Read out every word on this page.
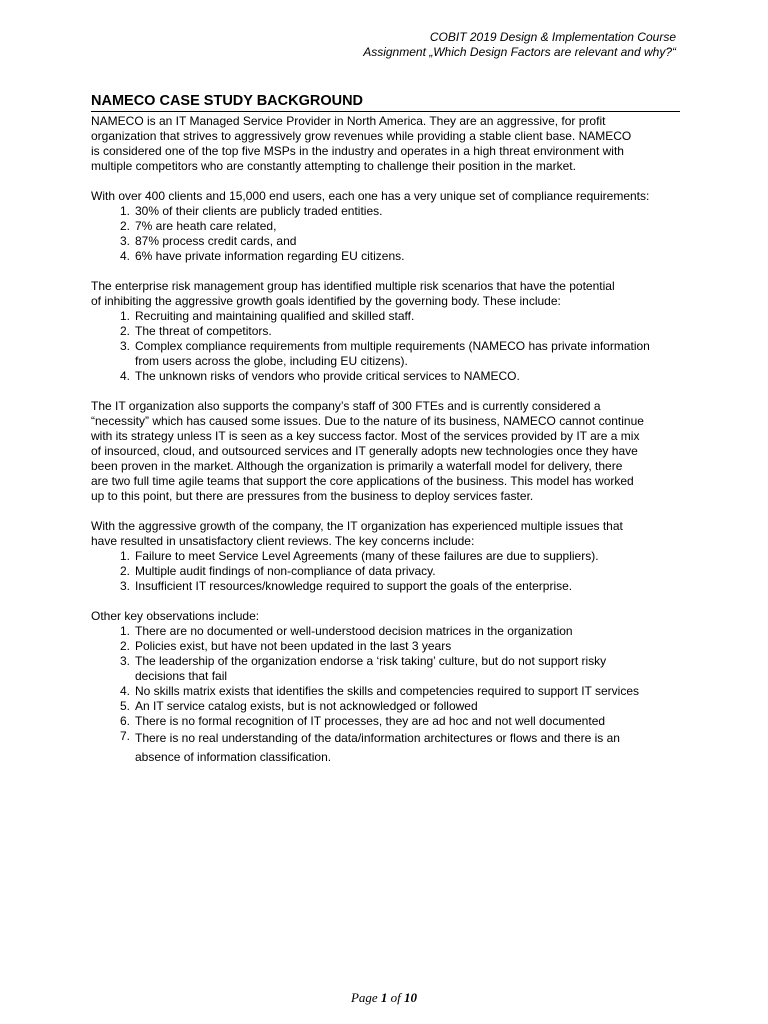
COBIT 2019 Design & Implementation Course
Assignment „Which Design Factors are relevant and why?“
NAMECO CASE STUDY BACKGROUND

NAMECO is an IT Managed Service Provider in North America. They are an aggressive, for profit

organization that strives to aggressively grow revenues while providing a stable client base. NAMECO

is considered one of the top five MSPs in the industry and operates in a high threat environment with

multiple competitors who are constantly attempting to challenge their position in the market.

With over 400 clients and 15,000 end users, each one has a very unique set of compliance requirements:

1. 30% of their clients are publicly traded entities.
2. 7% are heath care related,
3. 87% process credit cards, and
4. 6% have private information regarding EU citizens.

The enterprise risk management group has identified multiple risk scenarios that have the potential

of inhibiting the aggressive growth goals identified by the governing body. These include:

1. Recruiting and maintaining qualified and skilled staff.
2. The threat of competitors.
3. Complex compliance requirements from multiple requirements (NAMECO has private information
from users across the globe, including EU citizens).
4. The unknown risks of vendors who provide critical services to NAMECO.

The IT organization also supports the company’s staff of 300 FTEs and is currently considered a

“necessity” which has caused some issues. Due to the nature of its business, NAMECO cannot continue

with its strategy unless IT is seen as a key success factor. Most of the services provided by IT are a mix

of insourced, cloud, and outsourced services and IT generally adopts new technologies once they have

been proven in the market. Although the organization is primarily a waterfall model for delivery, there

are two full time agile teams that support the core applications of the business. This model has worked

up to this point, but there are pressures from the business to deploy services faster.

With the aggressive growth of the company, the IT organization has experienced multiple issues that

have resulted in unsatisfactory client reviews. The key concerns include:

1. Failure to meet Service Level Agreements (many of these failures are due to suppliers).
2. Multiple audit findings of non-compliance of data privacy.
3. Insufficient IT resources/knowledge required to support the goals of the enterprise.

Other key observations include:

1. There are no documented or well-understood decision matrices in the organization
2. Policies exist, but have not been updated in the last 3 years
3. The leadership of the organization endorse a ‘risk taking’ culture, but do not support risky
decisions that fail
4. No skills matrix exists that identifies the skills and competencies required to support IT services
5. An IT service catalog exists, but is not acknowledged or followed
6. There is no formal recognition of IT processes, they are ad hoc and not well documented
7. There is no real understanding of the data/information architectures or flows and there is an
absence of information classification.
Page 1 of 10
